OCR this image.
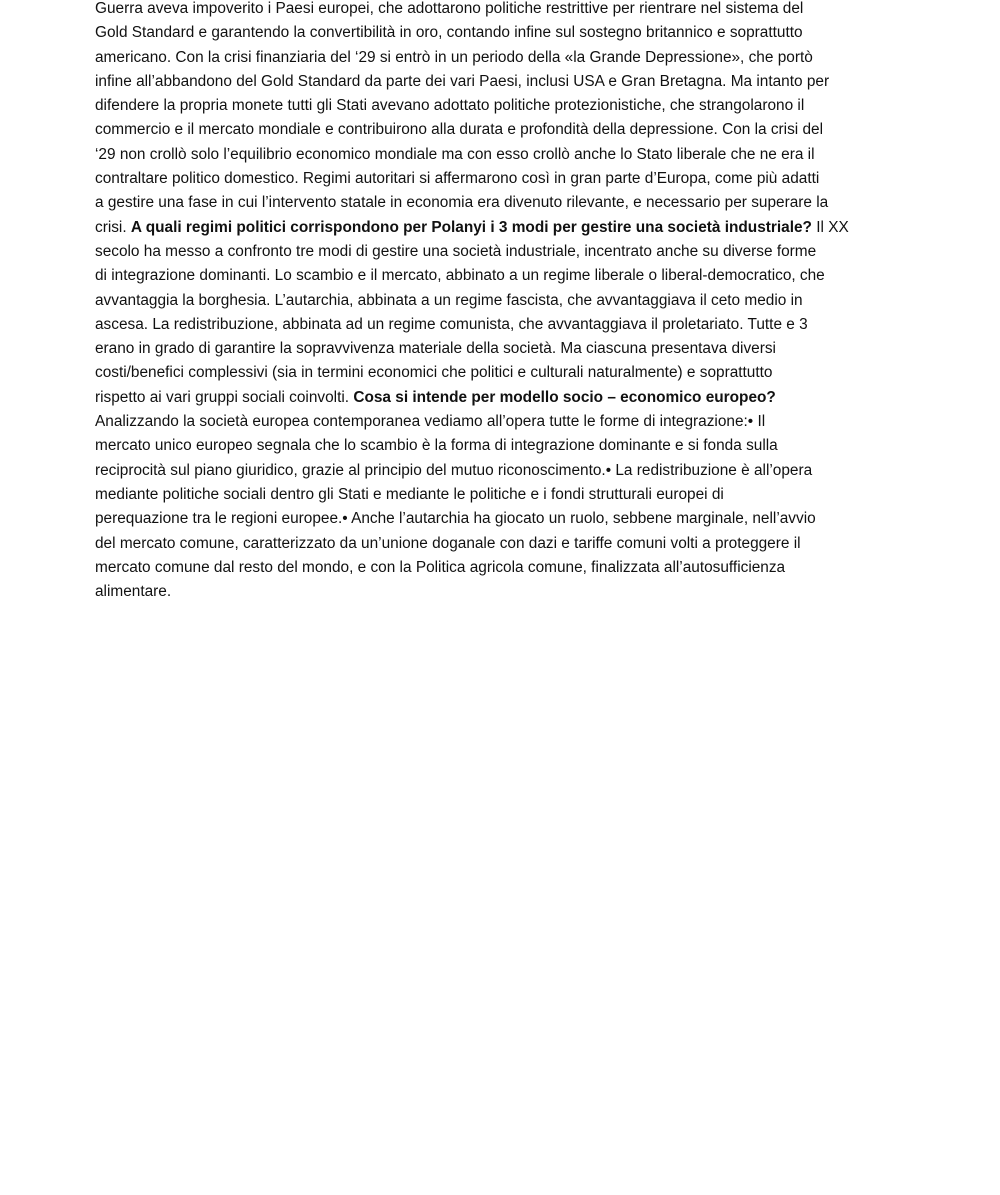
Guerra aveva impoverito i Paesi europei, che adottarono politiche restrittive per rientrare nel sistema del
Gold Standard e garantendo la convertibilità in oro, contando infine sul sostegno britannico e soprattutto
americano. Con la crisi finanziaria del ‘29 si entrò in un periodo della «la Grande Depressione», che portò
infine all’abbandono del Gold Standard da parte dei vari Paesi, inclusi USA e Gran Bretagna. Ma intanto per
difendere la propria monete tutti gli Stati avevano adottato politiche protezionistiche, che strangolarono il
commercio e il mercato mondiale e contribuirono alla durata e profondità della depressione. Con la crisi del
‘29 non crollò solo l’equilibrio economico mondiale ma con esso crollò anche lo Stato liberale che ne era il
contraltare politico domestico. Regimi autoritari si affermarono così in gran parte d’Europa, come più adatti
a gestire una fase in cui l’intervento statale in economia era divenuto rilevante, e necessario per superare la
crisi. A quali regimi politici corrispondono per Polanyi i 3 modi per gestire una società industriale? Il XX
secolo ha messo a confronto tre modi di gestire una società industriale, incentrato anche su diverse forme
di integrazione dominanti. Lo scambio e il mercato, abbinato a un regime liberale o liberal-democratico, che
avvantaggia la borghesia. L’autarchia, abbinata a un regime fascista, che avvantaggiava il ceto medio in
ascesa. La redistribuzione, abbinata ad un regime comunista, che avvantaggiava il proletariato. Tutte e 3
erano in grado di garantire la sopravvivenza materiale della società. Ma ciascuna presentava diversi
costi/benefici complessivi (sia in termini economici che politici e culturali naturalmente) e soprattutto
rispetto ai vari gruppi sociali coinvolti. Cosa si intende per modello socio – economico europeo?
Analizzando la società europea contemporanea vediamo all’opera tutte le forme di integrazione:• Il
mercato unico europeo segnala che lo scambio è la forma di integrazione dominante e si fonda sulla
reciprocità sul piano giuridico, grazie al principio del mutuo riconoscimento.• La redistribuzione è all’opera
mediante politiche sociali dentro gli Stati e mediante le politiche e i fondi strutturali europei di
perequazione tra le regioni europee.• Anche l’autarchia ha giocato un ruolo, sebbene marginale, nell’avvio
del mercato comune, caratterizzato da un’unione doganale con dazi e tariffe comuni volti a proteggere il
mercato comune dal resto del mondo, e con la Politica agricola comune, finalizzata all’autosufficienza
alimentare.
